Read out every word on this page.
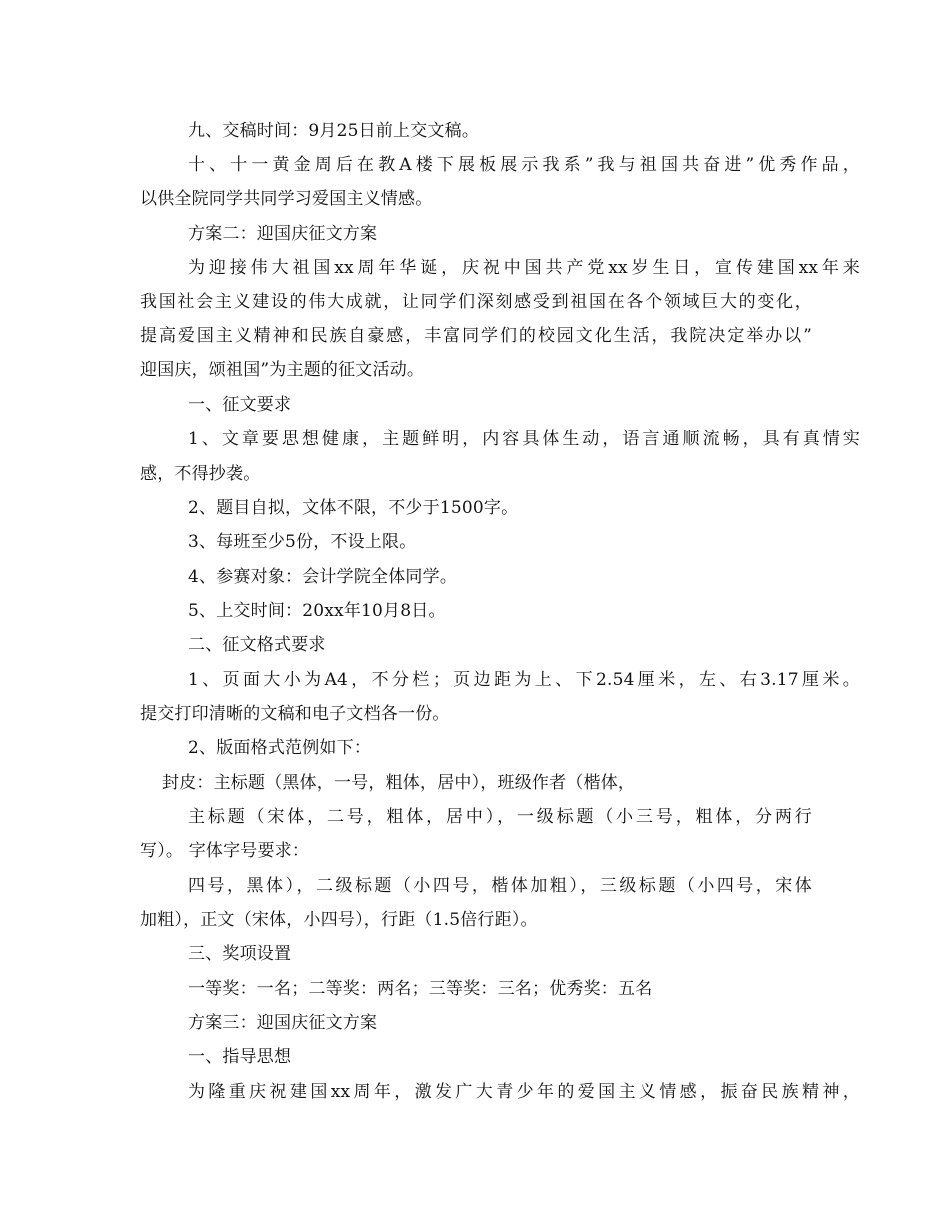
九、交稿时间：9月25日前上交文稿。
十、十一黄金周后在教A楼下展板展示我系”我与祖国共奋进”优秀作品，
以供全院同学共同学习爱国主义情感。
方案二：迎国庆征文方案
为迎接伟大祖国xx周年华诞，庆祝中国共产党xx岁生日，宣传建国xx年来
我国社会主义建设的伟大成就，让同学们深刻感受到祖国在各个领域巨大的变化，
提高爱国主义精神和民族自豪感，丰富同学们的校园文化生活，我院决定举办以”
迎国庆，颂祖国”为主题的征文活动。
一、征文要求
1、文章要思想健康，主题鲜明，内容具体生动，语言通顺流畅，具有真情实
感，不得抄袭。
2、题目自拟，文体不限，不少于1500字。
3、每班至少5份，不设上限。
4、参赛对象：会计学院全体同学。
5、上交时间：20xx年10月8日。
二、征文格式要求
1、页面大小为A4，不分栏；页边距为上、下2.54厘米，左、右3.17厘米。
提交打印清晰的文稿和电子文档各一份。
2、版面格式范例如下：
封皮：主标题（黑体，一号，粗体，居中），班级作者（楷体，
主标题（宋体，二号，粗体，居中），一级标题（小三号，粗体，分两行
写）。 字体字号要求：
四号，黑体），二级标题（小四号，楷体加粗），三级标题（小四号，宋体
加粗），正文（宋体，小四号），行距（1.5倍行距）。
三、奖项设置
一等奖：一名；二等奖：两名；三等奖：三名；优秀奖：五名
方案三：迎国庆征文方案
一、指导思想
为隆重庆祝建国xx周年，激发广大青少年的爱国主义情感，振奋民族精神，
